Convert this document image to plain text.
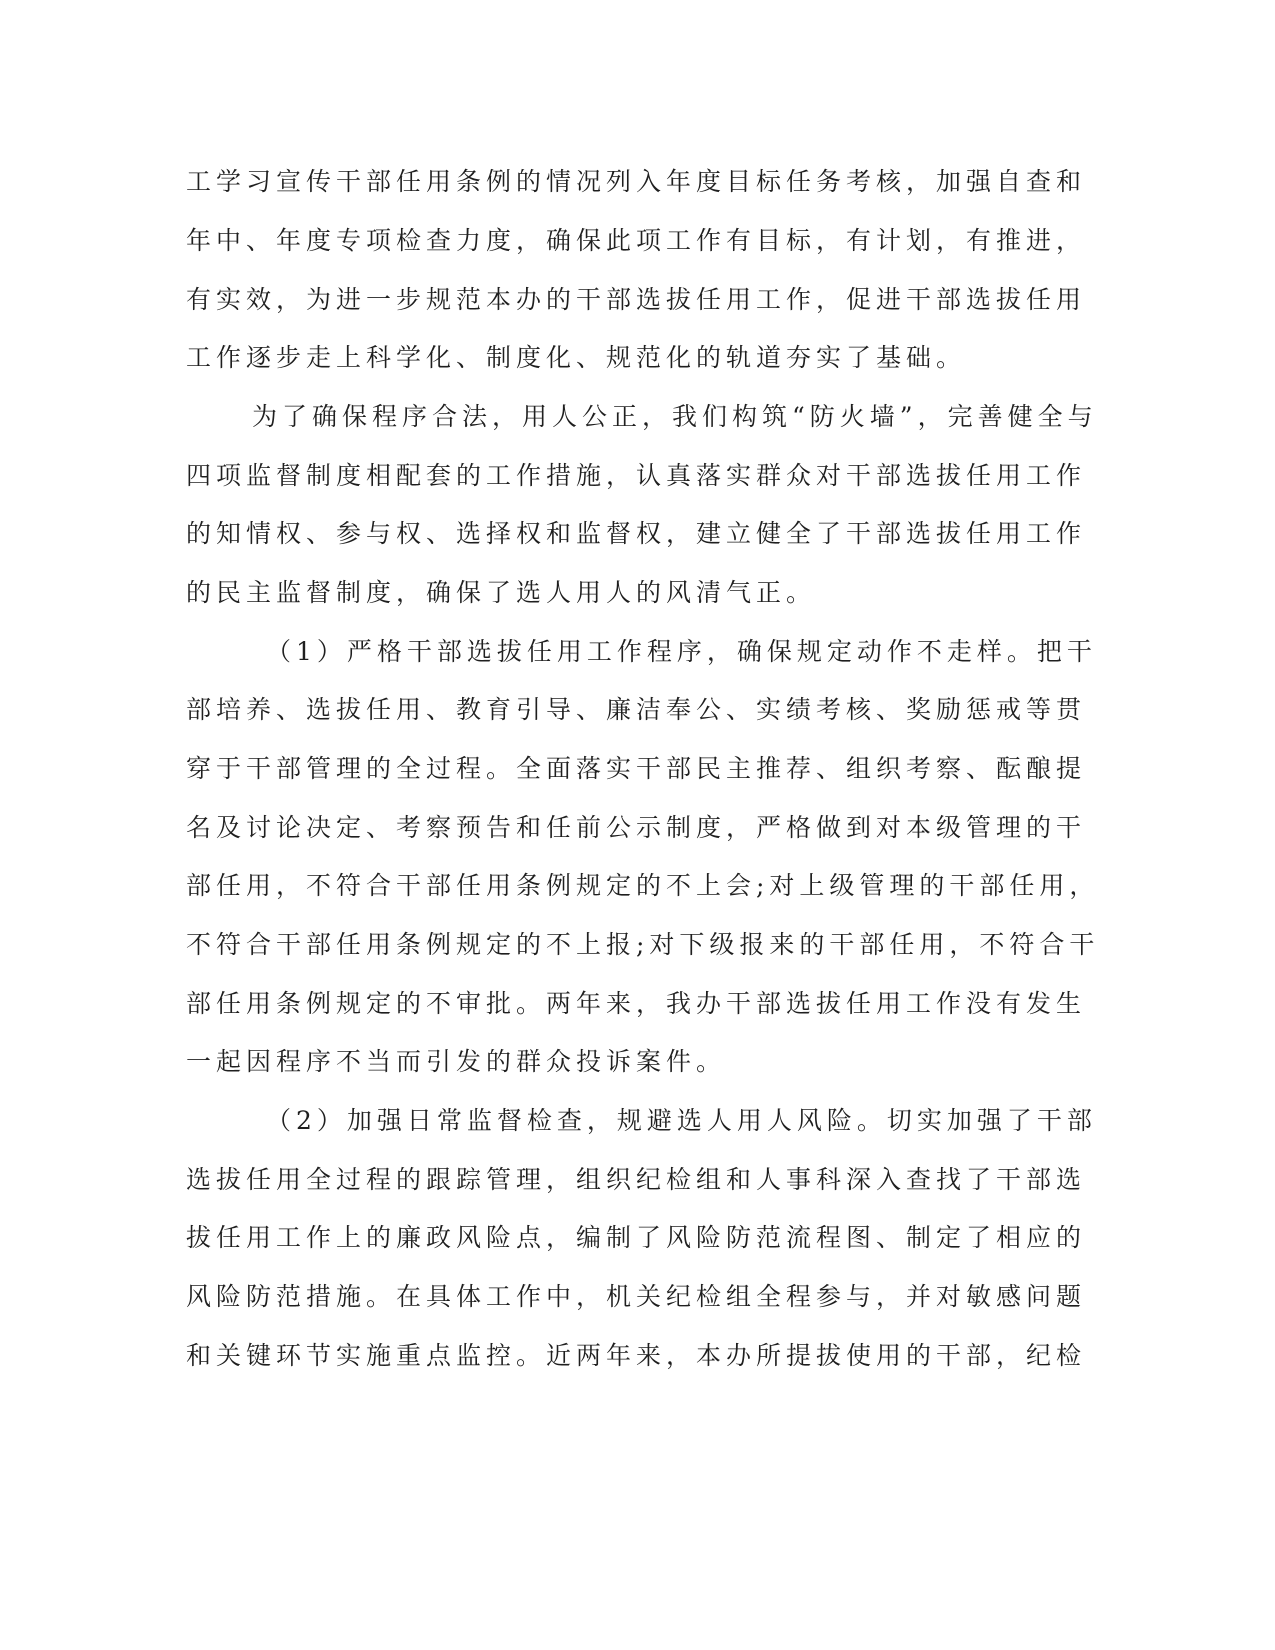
工学习宣传干部任用条例的情况列入年度目标任务考核，加强自查和

年中、年度专项检查力度，确保此项工作有目标，有计划，有推进，

有实效，为进一步规范本办的干部选拔任用工作，促进干部选拔任用

工作逐步走上科学化、制度化、规范化的轨道夯实了基础。

为了确保程序合法，用人公正，我们构筑“防火墙”，完善健全与

四项监督制度相配套的工作措施，认真落实群众对干部选拔任用工作

的知情权、参与权、选择权和监督权，建立健全了干部选拔任用工作

的民主监督制度，确保了选人用人的风清气正。

（1）严格干部选拔任用工作程序，确保规定动作不走样。把干

部培养、选拔任用、教育引导、廉洁奉公、实绩考核、奖励惩戒等贯

穿于干部管理的全过程。全面落实干部民主推荐、组织考察、酝酿提

名及讨论决定、考察预告和任前公示制度，严格做到对本级管理的干

部任用，不符合干部任用条例规定的不上会;对上级管理的干部任用，

不符合干部任用条例规定的不上报;对下级报来的干部任用，不符合干

部任用条例规定的不审批。两年来，我办干部选拔任用工作没有发生

一起因程序不当而引发的群众投诉案件。

（2）加强日常监督检查，规避选人用人风险。切实加强了干部

选拔任用全过程的跟踪管理，组织纪检组和人事科深入查找了干部选

拔任用工作上的廉政风险点，编制了风险防范流程图、制定了相应的

风险防范措施。在具体工作中，机关纪检组全程参与，并对敏感问题

和关键环节实施重点监控。近两年来，本办所提拔使用的干部，纪检
